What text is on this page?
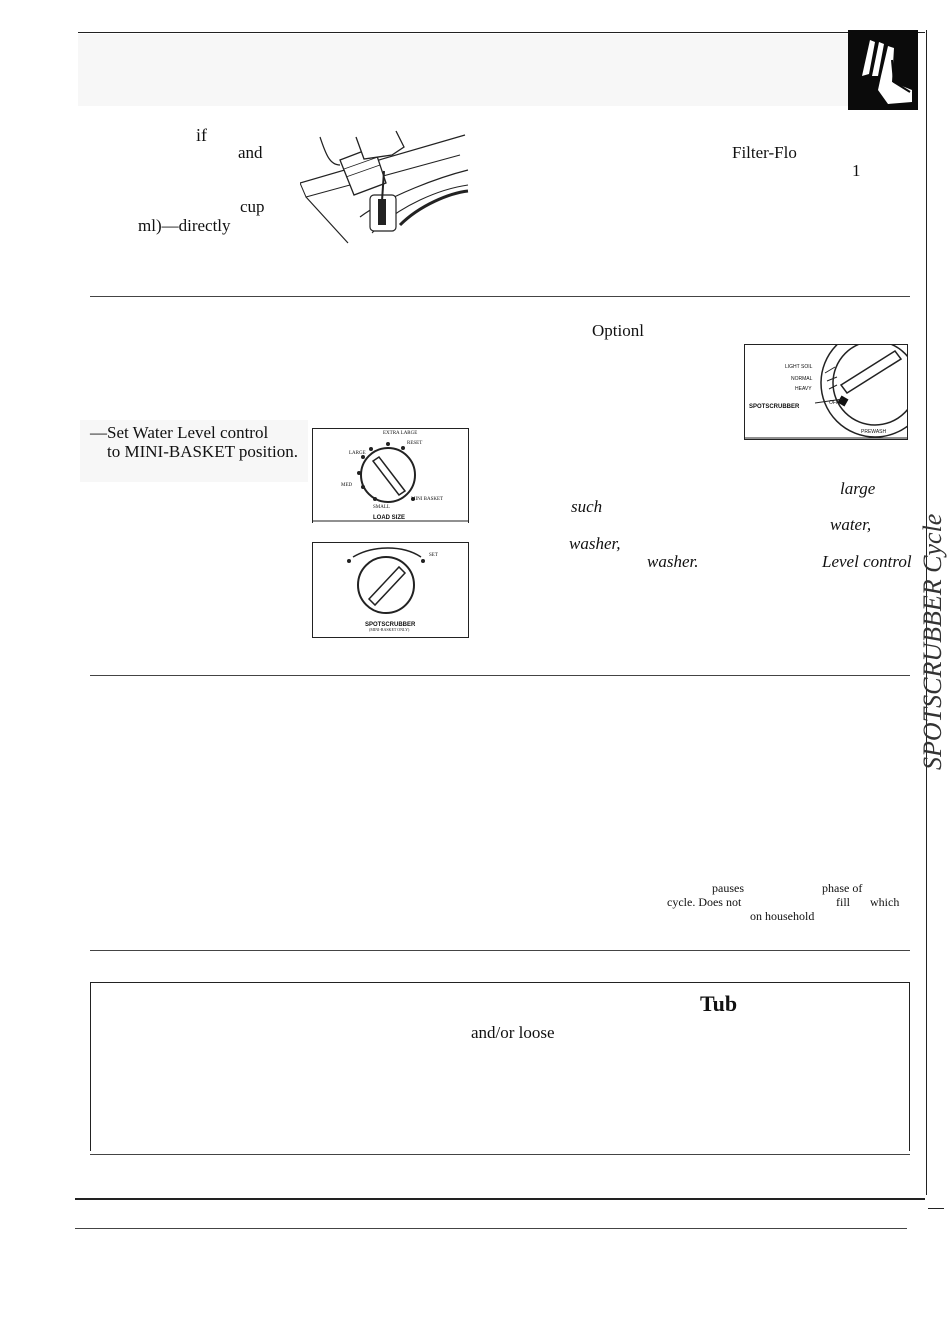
SPOTSCRUBBER Cycle
if
and
cup
ml)—directly
Filter-Flo
1
—Set Water Level control
to MINI-BASKET position.
EXTRA LARGE
RESET
LARGE
MED
SMALL
MINI BASKET
LOAD SIZE
SET
SPOTSCRUBBER
(MINI-BASKET ONLY)
Optionl
LIGHT SOIL
NORMAL
HEAVY
SPOTSCRUBBER
OFF
PREWASH
large
such
water,
washer,
washer.	Level control
pauses	phase of
cycle. Does not	fill which
on household
Tub
and/or loose
